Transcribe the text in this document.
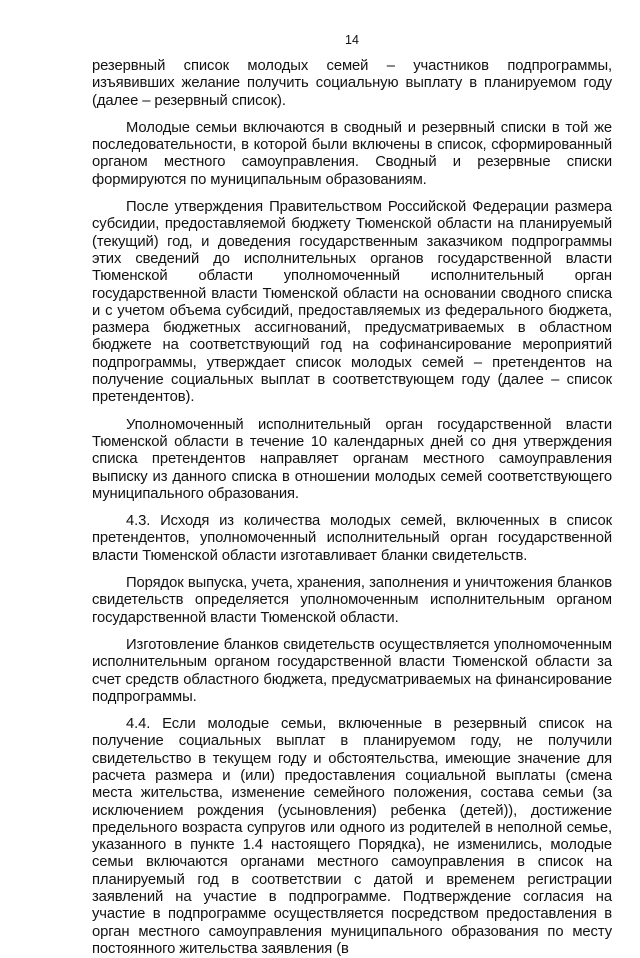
14

резервный список молодых семей – участников подпрограммы, изъявивших желание получить социальную выплату в планируемом году (далее – резервный список).

Молодые семьи включаются в сводный и резервный списки в той же последовательности, в которой были включены в список, сформированный органом местного самоуправления. Сводный и резервные списки формируются по муниципальным образованиям.

После утверждения Правительством Российской Федерации размера субсидии, предоставляемой бюджету Тюменской области на планируемый (текущий) год, и доведения государственным заказчиком подпрограммы этих сведений до исполнительных органов государственной власти Тюменской области уполномоченный исполнительный орган государственной власти Тюменской области на основании сводного списка и с учетом объема субсидий, предоставляемых из федерального бюджета, размера бюджетных ассигнований, предусматриваемых в областном бюджете на соответствующий год на софинансирование мероприятий подпрограммы, утверждает список молодых семей – претендентов на получение социальных выплат в соответствующем году (далее – список претендентов).

Уполномоченный исполнительный орган государственной власти Тюменской области в течение 10 календарных дней со дня утверждения списка претендентов направляет органам местного самоуправления выписку из данного списка в отношении молодых семей соответствующего муниципального образования.

4.3. Исходя из количества молодых семей, включенных в список претендентов, уполномоченный исполнительный орган государственной власти Тюменской области изготавливает бланки свидетельств.

Порядок выпуска, учета, хранения, заполнения и уничтожения бланков свидетельств определяется уполномоченным исполнительным органом государственной власти Тюменской области.

Изготовление бланков свидетельств осуществляется уполномоченным исполнительным органом государственной власти Тюменской области за счет средств областного бюджета, предусматриваемых на финансирование подпрограммы.

4.4. Если молодые семьи, включенные в резервный список на получение социальных выплат в планируемом году, не получили свидетельство в текущем году и обстоятельства, имеющие значение для расчета размера и (или) предоставления социальной выплаты (смена места жительства, изменение семейного положения, состава семьи (за исключением рождения (усыновления) ребенка (детей)), достижение предельного возраста супругов или одного из родителей в неполной семье, указанного в пункте 1.4 настоящего Порядка), не изменились, молодые семьи включаются органами местного самоуправления в список на планируемый год в соответствии с датой и временем регистрации заявлений на участие в подпрограмме. Подтверждение согласия на участие в подпрограмме осуществляется посредством предоставления в орган местного самоуправления муниципального образования по месту постоянного жительства заявления (в
